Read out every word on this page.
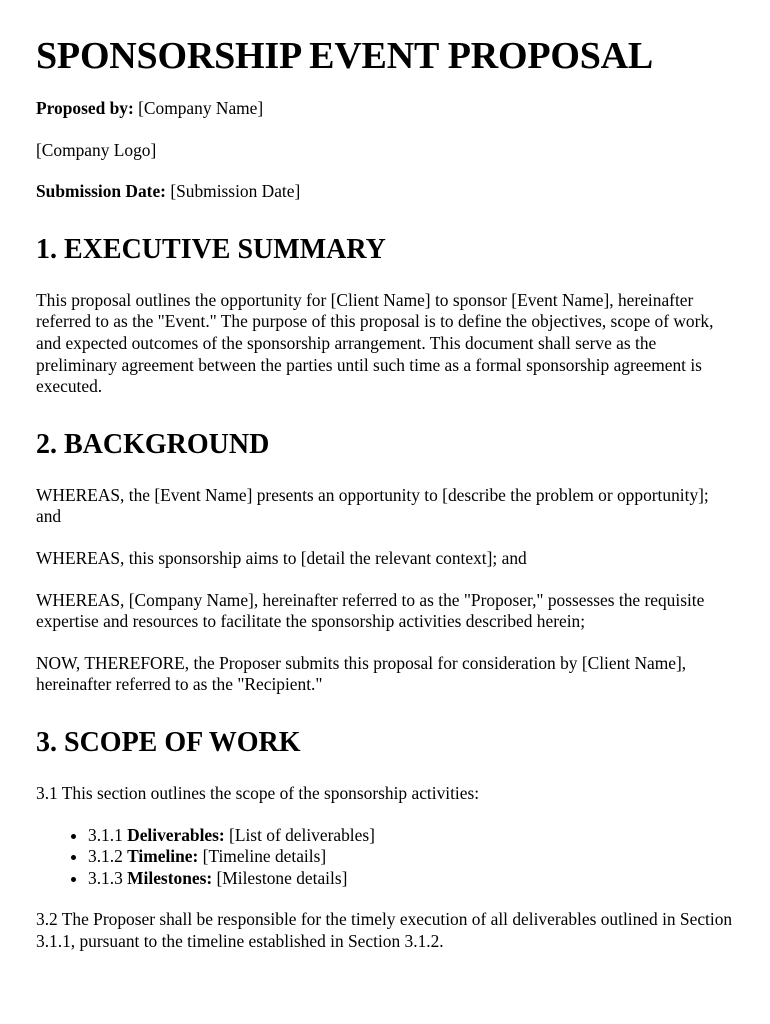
SPONSORSHIP EVENT PROPOSAL

Proposed by: [Company Name]

[Company Logo]

Submission Date: [Submission Date]

1. EXECUTIVE SUMMARY

This proposal outlines the opportunity for [Client Name] to sponsor [Event Name], hereinafter referred to as the "Event." The purpose of this proposal is to define the objectives, scope of work, and expected outcomes of the sponsorship arrangement. This document shall serve as the preliminary agreement between the parties until such time as a formal sponsorship agreement is executed.

2. BACKGROUND

WHEREAS, the [Event Name] presents an opportunity to [describe the problem or opportunity]; and

WHEREAS, this sponsorship aims to [detail the relevant context]; and

WHEREAS, [Company Name], hereinafter referred to as the "Proposer," possesses the requisite expertise and resources to facilitate the sponsorship activities described herein;

NOW, THEREFORE, the Proposer submits this proposal for consideration by [Client Name], hereinafter referred to as the "Recipient."

3. SCOPE OF WORK

3.1 This section outlines the scope of the sponsorship activities:

• 3.1.1 Deliverables: [List of deliverables]
• 3.1.2 Timeline: [Timeline details]
• 3.1.3 Milestones: [Milestone details]

3.2 The Proposer shall be responsible for the timely execution of all deliverables outlined in Section 3.1.1, pursuant to the timeline established in Section 3.1.2.
